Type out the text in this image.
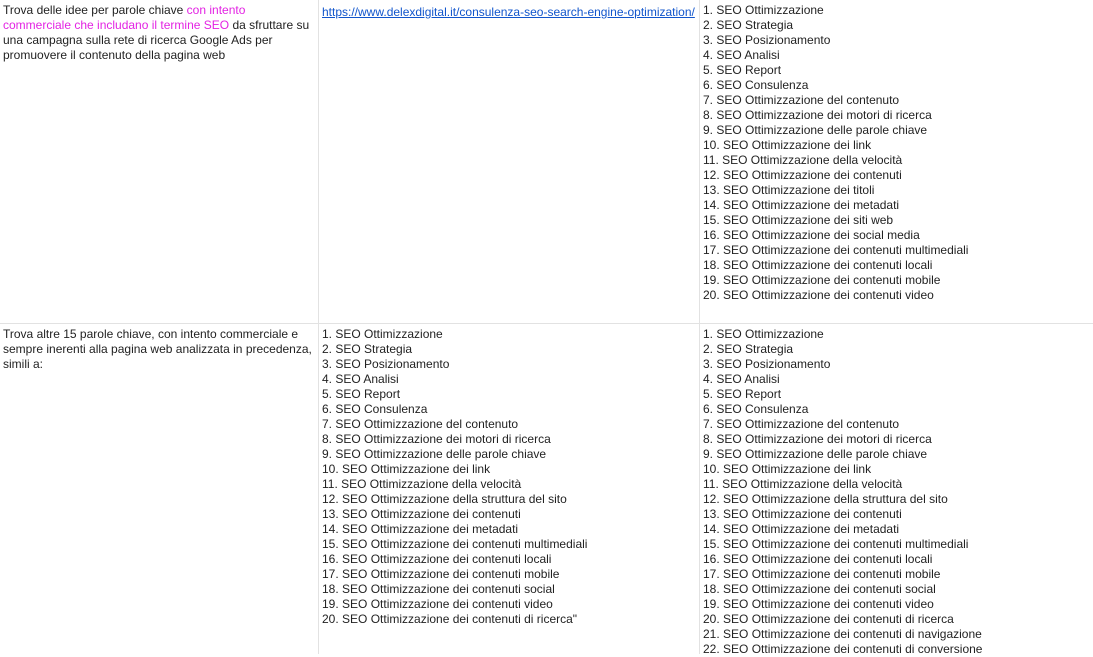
Trova delle idee per parole chiave con intento commerciale che includano il termine SEO da sfruttare su una campagna sulla rete di ricerca Google Ads per promuovere il contenuto della pagina web
https://www.delexdigital.it/consulenza-seo-search-engine-optimization/ 1. SEO Ottimizzazione
2. SEO Strategia
3. SEO Posizionamento
4. SEO Analisi
5. SEO Report
6. SEO Consulenza
7. SEO Ottimizzazione del contenuto
8. SEO Ottimizzazione dei motori di ricerca
9. SEO Ottimizzazione delle parole chiave
10. SEO Ottimizzazione dei link
11. SEO Ottimizzazione della velocità
12. SEO Ottimizzazione dei contenuti
13. SEO Ottimizzazione dei titoli
14. SEO Ottimizzazione dei metadati
15. SEO Ottimizzazione dei siti web
16. SEO Ottimizzazione dei social media
17. SEO Ottimizzazione dei contenuti multimediali
18. SEO Ottimizzazione dei contenuti locali
19. SEO Ottimizzazione dei contenuti mobile
20. SEO Ottimizzazione dei contenuti video
Trova altre 15 parole chiave, con intento commerciale e sempre inerenti alla pagina web analizzata in precedenza, simili a:
1. SEO Ottimizzazione
2. SEO Strategia
3. SEO Posizionamento
4. SEO Analisi
5. SEO Report
6. SEO Consulenza
7. SEO Ottimizzazione del contenuto
8. SEO Ottimizzazione dei motori di ricerca
9. SEO Ottimizzazione delle parole chiave
10. SEO Ottimizzazione dei link
11. SEO Ottimizzazione della velocità
12. SEO Ottimizzazione della struttura del sito
13. SEO Ottimizzazione dei contenuti
14. SEO Ottimizzazione dei metadati
15. SEO Ottimizzazione dei contenuti multimediali
16. SEO Ottimizzazione dei contenuti locali
17. SEO Ottimizzazione dei contenuti mobile
18. SEO Ottimizzazione dei contenuti social
19. SEO Ottimizzazione dei contenuti video
20. SEO Ottimizzazione dei contenuti di ricerca"
1. SEO Ottimizzazione
2. SEO Strategia
3. SEO Posizionamento
4. SEO Analisi
5. SEO Report
6. SEO Consulenza
7. SEO Ottimizzazione del contenuto
8. SEO Ottimizzazione dei motori di ricerca
9. SEO Ottimizzazione delle parole chiave
10. SEO Ottimizzazione dei link
11. SEO Ottimizzazione della velocità
12. SEO Ottimizzazione della struttura del sito
13. SEO Ottimizzazione dei contenuti
14. SEO Ottimizzazione dei metadati
15. SEO Ottimizzazione dei contenuti multimediali
16. SEO Ottimizzazione dei contenuti locali
17. SEO Ottimizzazione dei contenuti mobile
18. SEO Ottimizzazione dei contenuti social
19. SEO Ottimizzazione dei contenuti video
20. SEO Ottimizzazione dei contenuti di ricerca
21. SEO Ottimizzazione dei contenuti di navigazione
22. SEO Ottimizzazione dei contenuti di conversione
